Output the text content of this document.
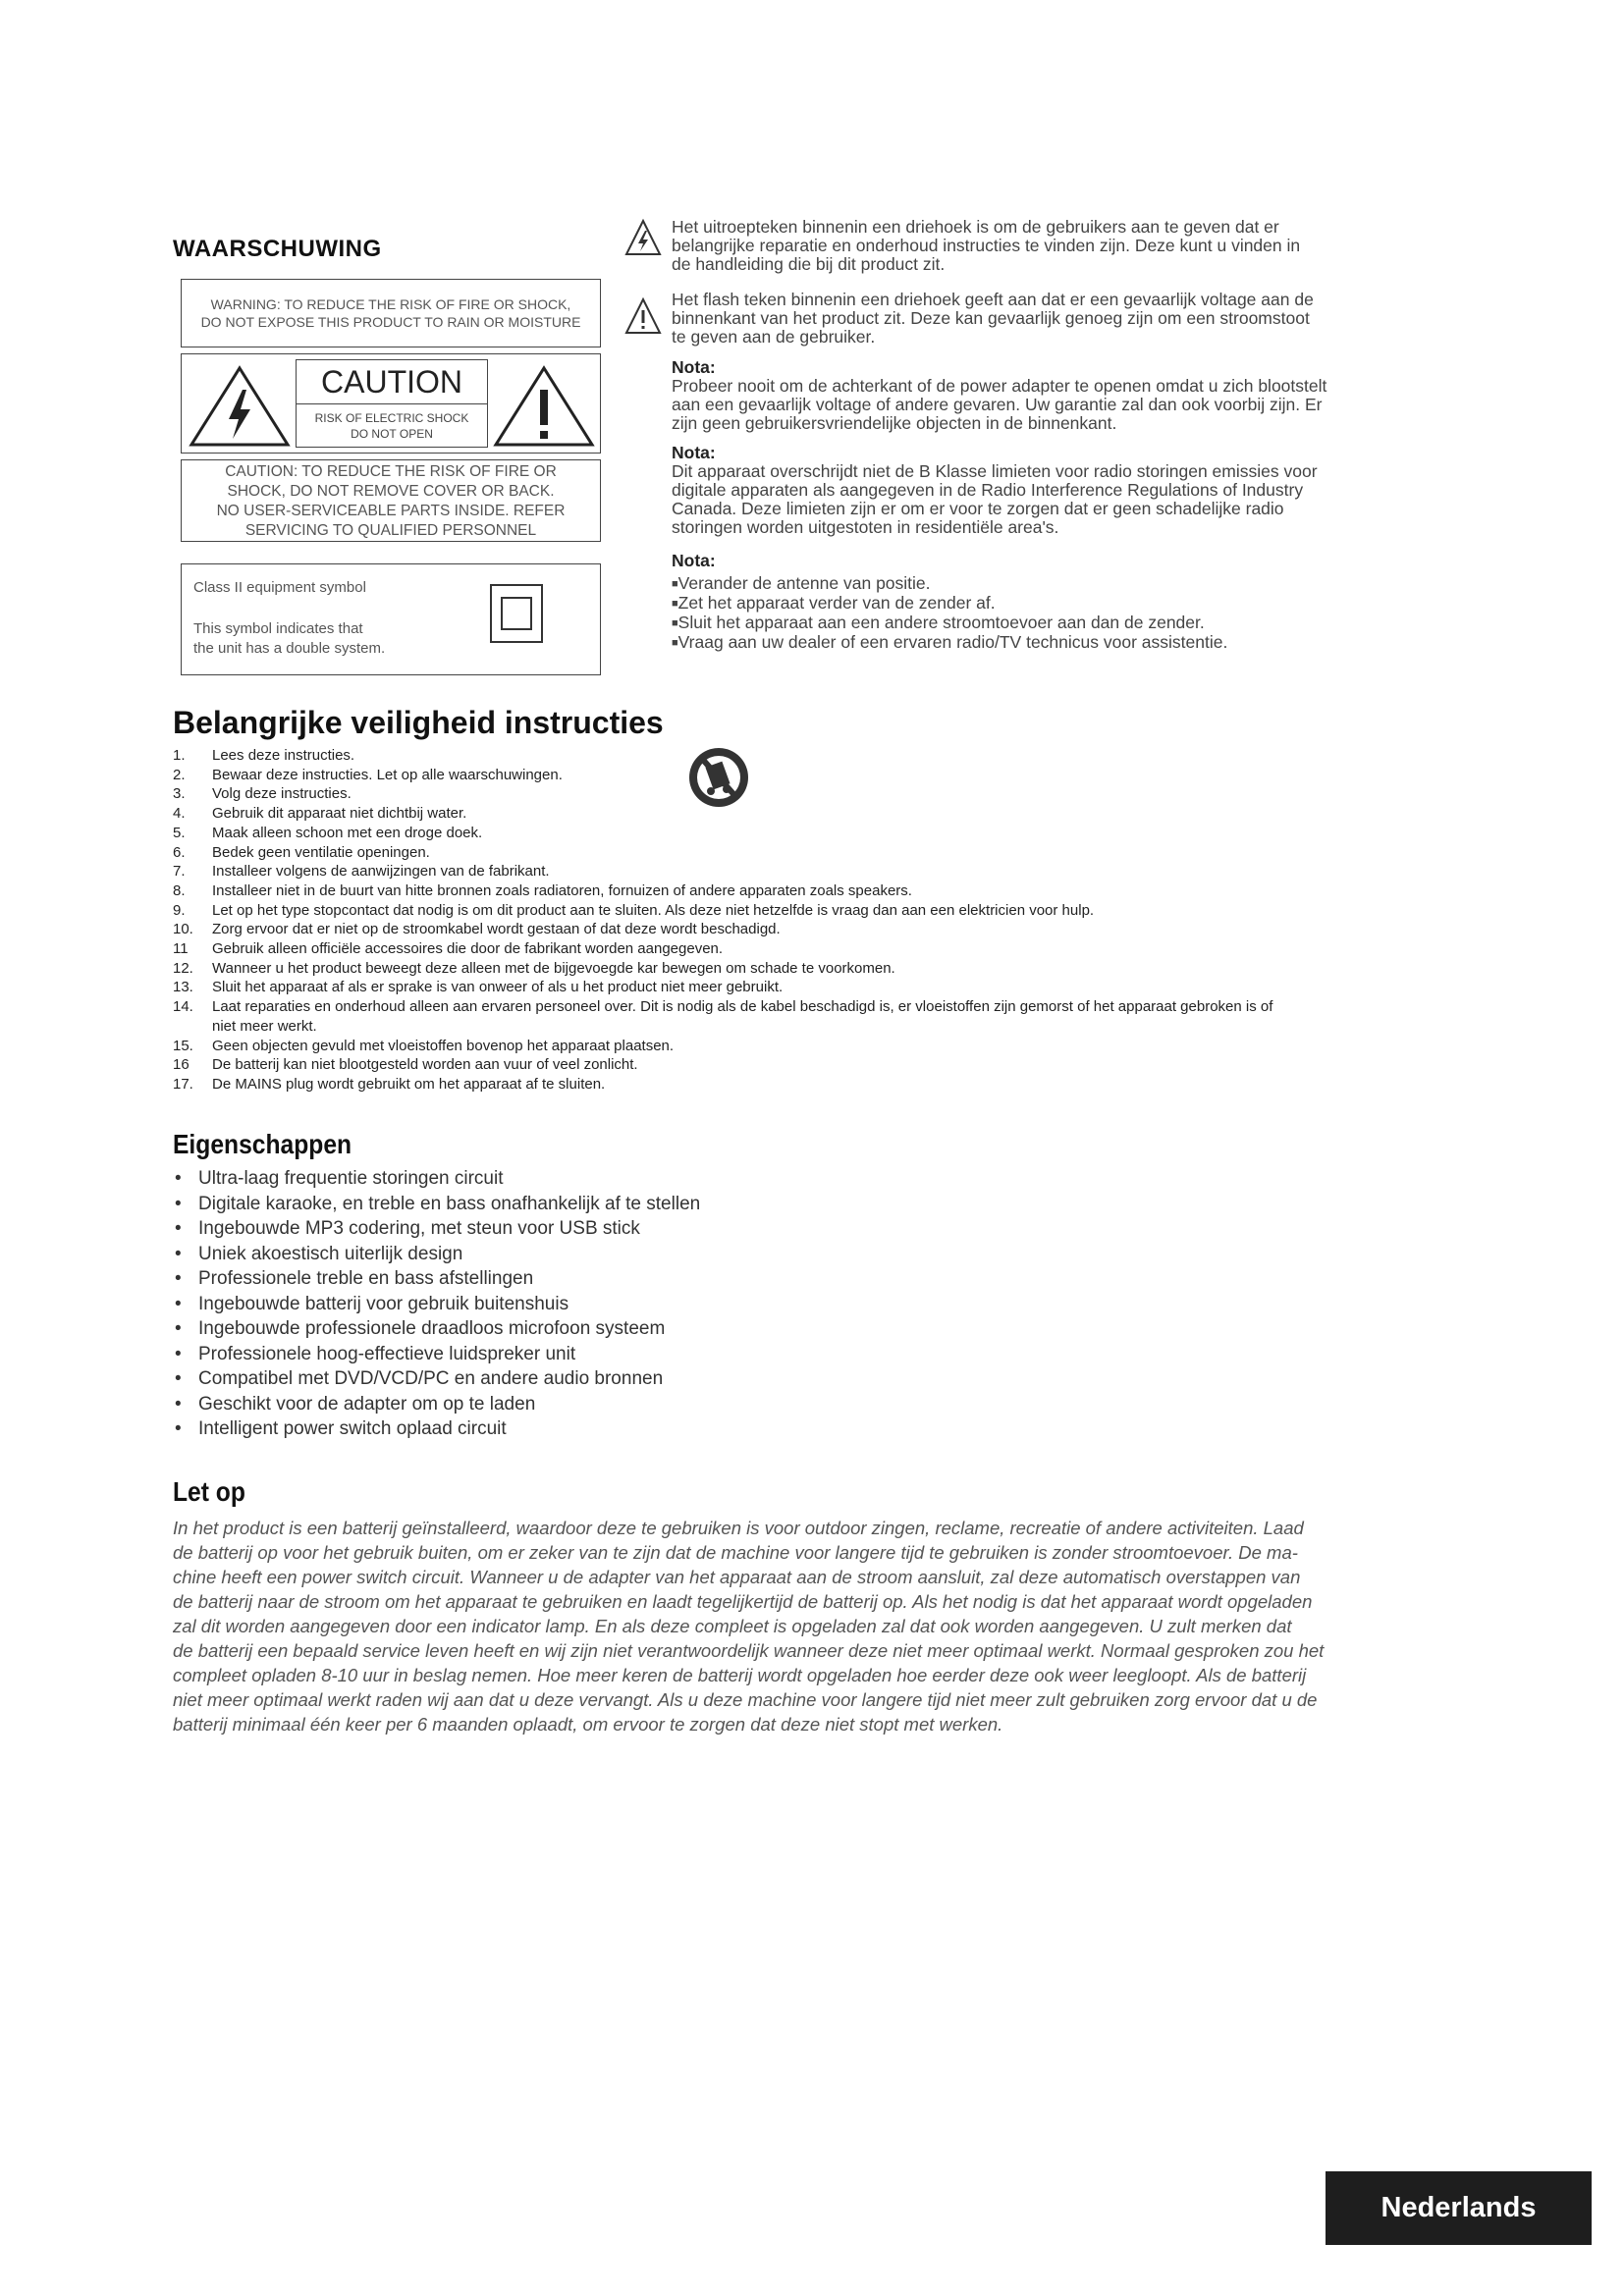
WAARSCHUWING
WARNING: TO REDUCE THE RISK OF FIRE OR SHOCK,
DO NOT EXPOSE THIS PRODUCT TO RAIN OR MOISTURE
CAUTION
RISK OF ELECTRIC SHOCK
DO NOT OPEN
CAUTION: TO REDUCE THE RISK OF FIRE OR
SHOCK, DO NOT REMOVE COVER OR BACK.
NO USER-SERVICEABLE PARTS INSIDE. REFER
SERVICING TO QUALIFIED PERSONNEL
Class II equipment symbol
This symbol indicates that
the unit has a double system.
Het uitroepteken binnenin een driehoek is om de gebruikers aan te geven dat er
belangrijke reparatie en onderhoud instructies te vinden zijn. Deze kunt u vinden in
de handleiding die bij dit product zit.
Het flash teken binnenin een driehoek geeft aan dat er een gevaarlijk voltage aan de
binnenkant van het product zit. Deze kan gevaarlijk genoeg zijn om een stroomstoot
te geven aan de gebruiker.
Nota:
Probeer nooit om de achterkant of de power adapter te openen omdat u zich blootstelt
aan een gevaarlijk voltage of andere gevaren. Uw garantie zal dan ook voorbij zijn. Er
zijn geen gebruikersvriendelijke objecten in de binnenkant.
Nota:
Dit apparaat overschrijdt niet de B Klasse limieten voor radio storingen emissies voor
digitale apparaten als aangegeven in de Radio Interference Regulations of Industry
Canada. Deze limieten zijn er om er voor te zorgen dat er geen schadelijke radio
storingen worden uitgestoten in residentiële area's.
Nota:
■Verander de antenne van positie.
■Zet het apparaat verder van de zender af.
■Sluit het apparaat aan een andere stroomtoevoer aan dan de zender.
■Vraag aan uw dealer of een ervaren radio/TV technicus voor assistentie.
Belangrijke veiligheid instructies
1. Lees deze instructies.
2. Bewaar deze instructies. Let op alle waarschuwingen.
3. Volg deze instructies.
4. Gebruik dit apparaat niet dichtbij water.
5. Maak alleen schoon met een droge doek.
6. Bedek geen ventilatie openingen.
7. Installeer volgens de aanwijzingen van de fabrikant.
8. Installeer niet in de buurt van hitte bronnen zoals radiatoren, fornuizen of andere apparaten zoals speakers.
9. Let op het type stopcontact dat nodig is om dit product aan te sluiten. Als deze niet hetzelfde is vraag dan aan een elektricien voor hulp.
10. Zorg ervoor dat er niet op de stroomkabel wordt gestaan of dat deze wordt beschadigd.
11 Gebruik alleen officiële accessoires die door de fabrikant worden aangegeven.
12. Wanneer u het product beweegt deze alleen met de bijgevoegde kar bewegen om schade te voorkomen.
13. Sluit het apparaat af als er sprake is van onweer of als u het product niet meer gebruikt.
14. Laat reparaties en onderhoud alleen aan ervaren personeel over. Dit is nodig als de kabel beschadigd is, er vloeistoffen zijn gemorst of het apparaat gebroken is of
niet meer werkt.
15. Geen objecten gevuld met vloeistoffen bovenop het apparaat plaatsen.
16 De batterij kan niet blootgesteld worden aan vuur of veel zonlicht.
17. De MAINS plug wordt gebruikt om het apparaat af te sluiten.
Eigenschappen
• Ultra-laag frequentie storingen circuit
• Digitale karaoke, en treble en bass onafhankelijk af te stellen
• Ingebouwde MP3 codering, met steun voor USB stick
• Uniek akoestisch uiterlijk design
• Professionele treble en bass afstellingen
• Ingebouwde batterij voor gebruik buitenshuis
• Ingebouwde professionele draadloos microfoon systeem
• Professionele hoog-effectieve luidspreker unit
• Compatibel met DVD/VCD/PC en andere audio bronnen
• Geschikt voor de adapter om op te laden
• Intelligent power switch oplaad circuit
Let op
In het product is een batterij geïnstalleerd, waardoor deze te gebruiken is voor outdoor zingen, reclame, recreatie of andere activiteiten. Laad
de batterij op voor het gebruik buiten, om er zeker van te zijn dat de machine voor langere tijd te gebruiken is zonder stroomtoevoer. De ma-
chine heeft een power switch circuit. Wanneer u de adapter van het apparaat aan de stroom aansluit, zal deze automatisch overstappen van
de batterij naar de stroom om het apparaat te gebruiken en laadt tegelijkertijd de batterij op. Als het nodig is dat het apparaat wordt opgeladen
zal dit worden aangegeven door een indicator lamp. En als deze compleet is opgeladen zal dat ook worden aangegeven. U zult merken dat
de batterij een bepaald service leven heeft en wij zijn niet verantwoordelijk wanneer deze niet meer optimaal werkt. Normaal gesproken zou het
compleet opladen 8-10 uur in beslag nemen. Hoe meer keren de batterij wordt opgeladen hoe eerder deze ook weer leegloopt. Als de batterij
niet meer optimaal werkt raden wij aan dat u deze vervangt. Als u deze machine voor langere tijd niet meer zult gebruiken zorg ervoor dat u de
batterij minimaal één keer per 6 maanden oplaadt, om ervoor te zorgen dat deze niet stopt met werken.
Nederlands
